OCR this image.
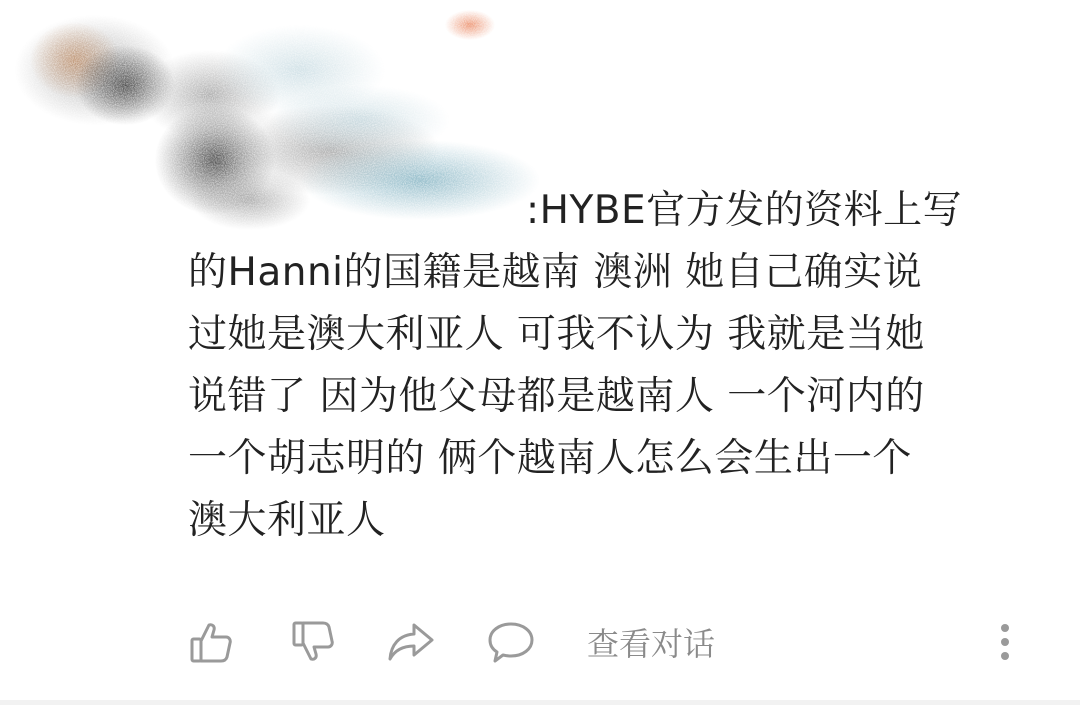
:HYBE官方发的资料上写
的Hanni的国籍是越南 澳洲 她自己确实说
过她是澳大利亚人 可我不认为 我就是当她
说错了 因为他父母都是越南人 一个河内的
一个胡志明的 俩个越南人怎么会生出一个
澳大利亚人
查看对话
